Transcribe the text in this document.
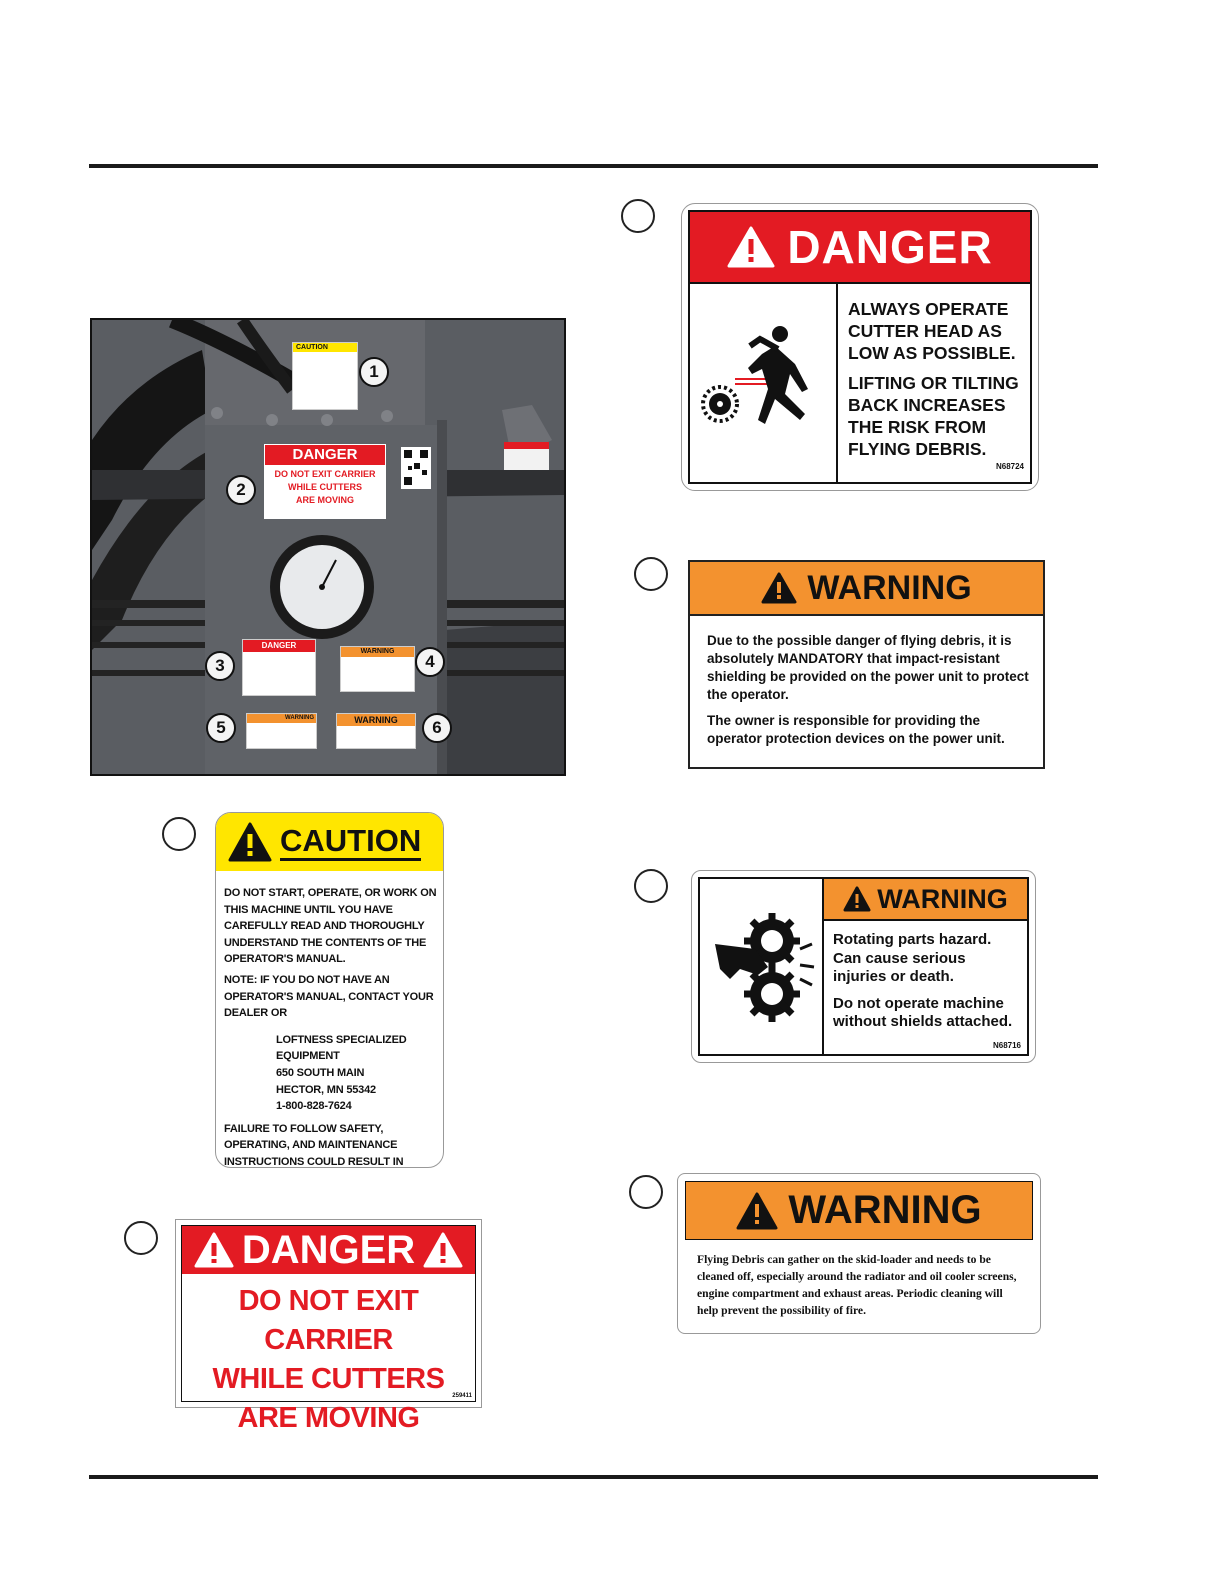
CAUTION
DANGER
DO NOT EXIT CARRIER
WHILE CUTTERS
ARE MOVING
DANGER
WARNING
WARNING	WARNING
1
2
3	4
5	6
DANGER

ALWAYS OPERATE CUTTER HEAD AS LOW AS POSSIBLE.

LIFTING OR TILTING BACK INCREASES THE RISK FROM FLYING DEBRIS.

N68724
WARNING

Due to the possible danger of flying debris, it is absolutely MANDATORY that impact-resistant shielding be provided on the power unit to protect the operator.

The owner is responsible for providing the operator protection devices on the power unit.

CAUTION

DO NOT START, OPERATE, OR WORK ON THIS MACHINE UNTIL YOU HAVE CAREFULLY READ AND THOROUGHLY UNDERSTAND THE CONTENTS OF THE OPERATOR'S MANUAL.

NOTE: IF YOU DO NOT HAVE AN OPERATOR'S MANUAL, CONTACT YOUR DEALER OR

LOFTNESS SPECIALIZED EQUIPMENT
650 SOUTH MAIN
HECTOR, MN 55342
1-800-828-7624

FAILURE TO FOLLOW SAFETY, OPERATING, AND MAINTENANCE INSTRUCTIONS COULD RESULT IN

DANGER
DO NOT EXIT CARRIER
WHILE CUTTERS
ARE MOVING
259411
WARNING

Rotating parts hazard. Can cause serious injuries or death.

Do not operate machine without shields attached.

N68716
WARNING
Flying Debris can gather on the skid-loader and needs to be cleaned off, especially around the radiator and oil cooler screens, engine compartment and exhaust areas. Periodic cleaning will help prevent the possibility of fire.
